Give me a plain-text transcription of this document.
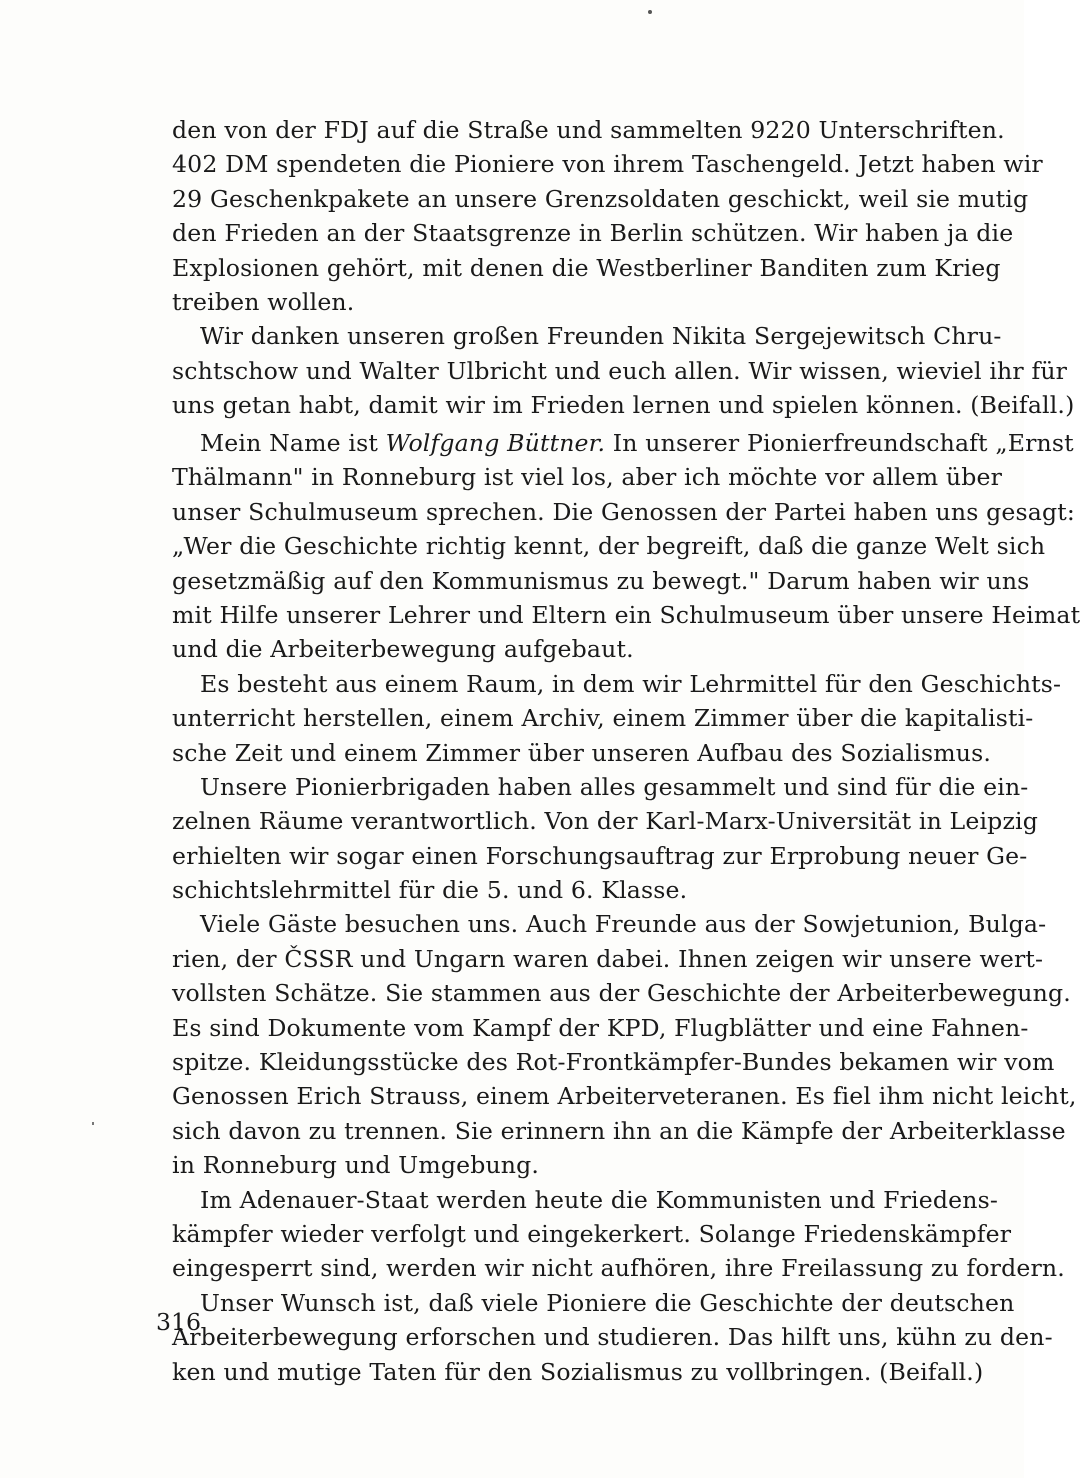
den von der FDJ auf die Straße und sammelten 9220 Unterschriften.
402 DM spendeten die Pioniere von ihrem Taschengeld. Jetzt haben wir
29 Geschenkpakete an unsere Grenzsoldaten geschickt, weil sie mutig
den Frieden an der Staatsgrenze in Berlin schützen. Wir haben ja die
Explosionen gehört, mit denen die Westberliner Banditen zum Krieg
treiben wollen.
Wir danken unseren großen Freunden Nikita Sergejewitsch Chru-
schtschow und Walter Ulbricht und euch allen. Wir wissen, wieviel ihr für
uns getan habt, damit wir im Frieden lernen und spielen können. (Beifall.)
Mein Name ist Wolfgang Büttner. In unserer Pionierfreundschaft „Ernst
Thälmann" in Ronneburg ist viel los, aber ich möchte vor allem über
unser Schulmuseum sprechen. Die Genossen der Partei haben uns gesagt:
„Wer die Geschichte richtig kennt, der begreift, daß die ganze Welt sich
gesetzmäßig auf den Kommunismus zu bewegt." Darum haben wir uns
mit Hilfe unserer Lehrer und Eltern ein Schulmuseum über unsere Heimat
und die Arbeiterbewegung aufgebaut.
Es besteht aus einem Raum, in dem wir Lehrmittel für den Geschichts-
unterricht herstellen, einem Archiv, einem Zimmer über die kapitalisti-
sche Zeit und einem Zimmer über unseren Aufbau des Sozialismus.
Unsere Pionierbrigaden haben alles gesammelt und sind für die ein-
zelnen Räume verantwortlich. Von der Karl-Marx-Universität in Leipzig
erhielten wir sogar einen Forschungsauftrag zur Erprobung neuer Ge-
schichtslehrmittel für die 5. und 6. Klasse.
Viele Gäste besuchen uns. Auch Freunde aus der Sowjetunion, Bulga-
rien, der ČSSR und Ungarn waren dabei. Ihnen zeigen wir unsere wert-
vollsten Schätze. Sie stammen aus der Geschichte der Arbeiterbewegung.
Es sind Dokumente vom Kampf der KPD, Flugblätter und eine Fahnen-
spitze. Kleidungsstücke des Rot-Frontkämpfer-Bundes bekamen wir vom
Genossen Erich Strauss, einem Arbeiterveteranen. Es fiel ihm nicht leicht,
sich davon zu trennen. Sie erinnern ihn an die Kämpfe der Arbeiterklasse
in Ronneburg und Umgebung.
Im Adenauer-Staat werden heute die Kommunisten und Friedens-
kämpfer wieder verfolgt und eingekerkert. Solange Friedenskämpfer
eingesperrt sind, werden wir nicht aufhören, ihre Freilassung zu fordern.
Unser Wunsch ist, daß viele Pioniere die Geschichte der deutschen
Arbeiterbewegung erforschen und studieren. Das hilft uns, kühn zu den-
ken und mutige Taten für den Sozialismus zu vollbringen. (Beifall.)
316
